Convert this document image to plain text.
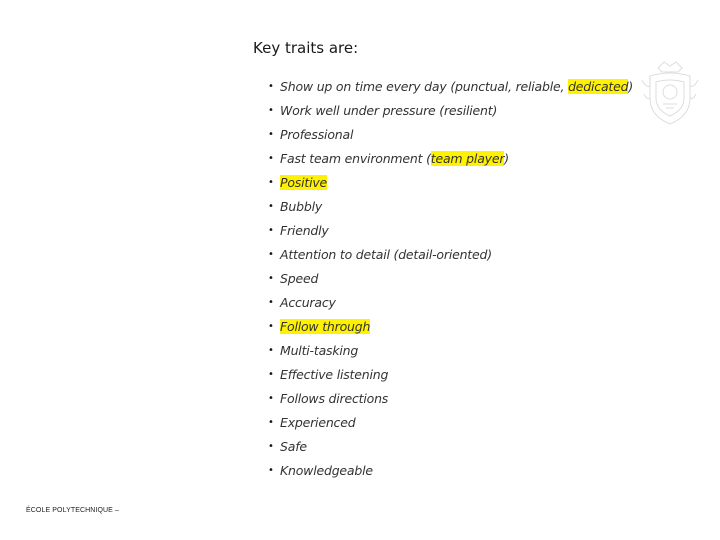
Key traits are:
• Show up on time every day (punctual, reliable, dedicated)
• Work well under pressure (resilient)
• Professional
• Fast team environment (team player)
• Positive
• Bubbly
• Friendly
• Attention to detail (detail-oriented)
• Speed
• Accuracy
• Follow through
• Multi-tasking
• Effective listening
• Follows directions
• Experienced
• Safe
• Knowledgeable
ÉCOLE POLYTECHNIQUE –
